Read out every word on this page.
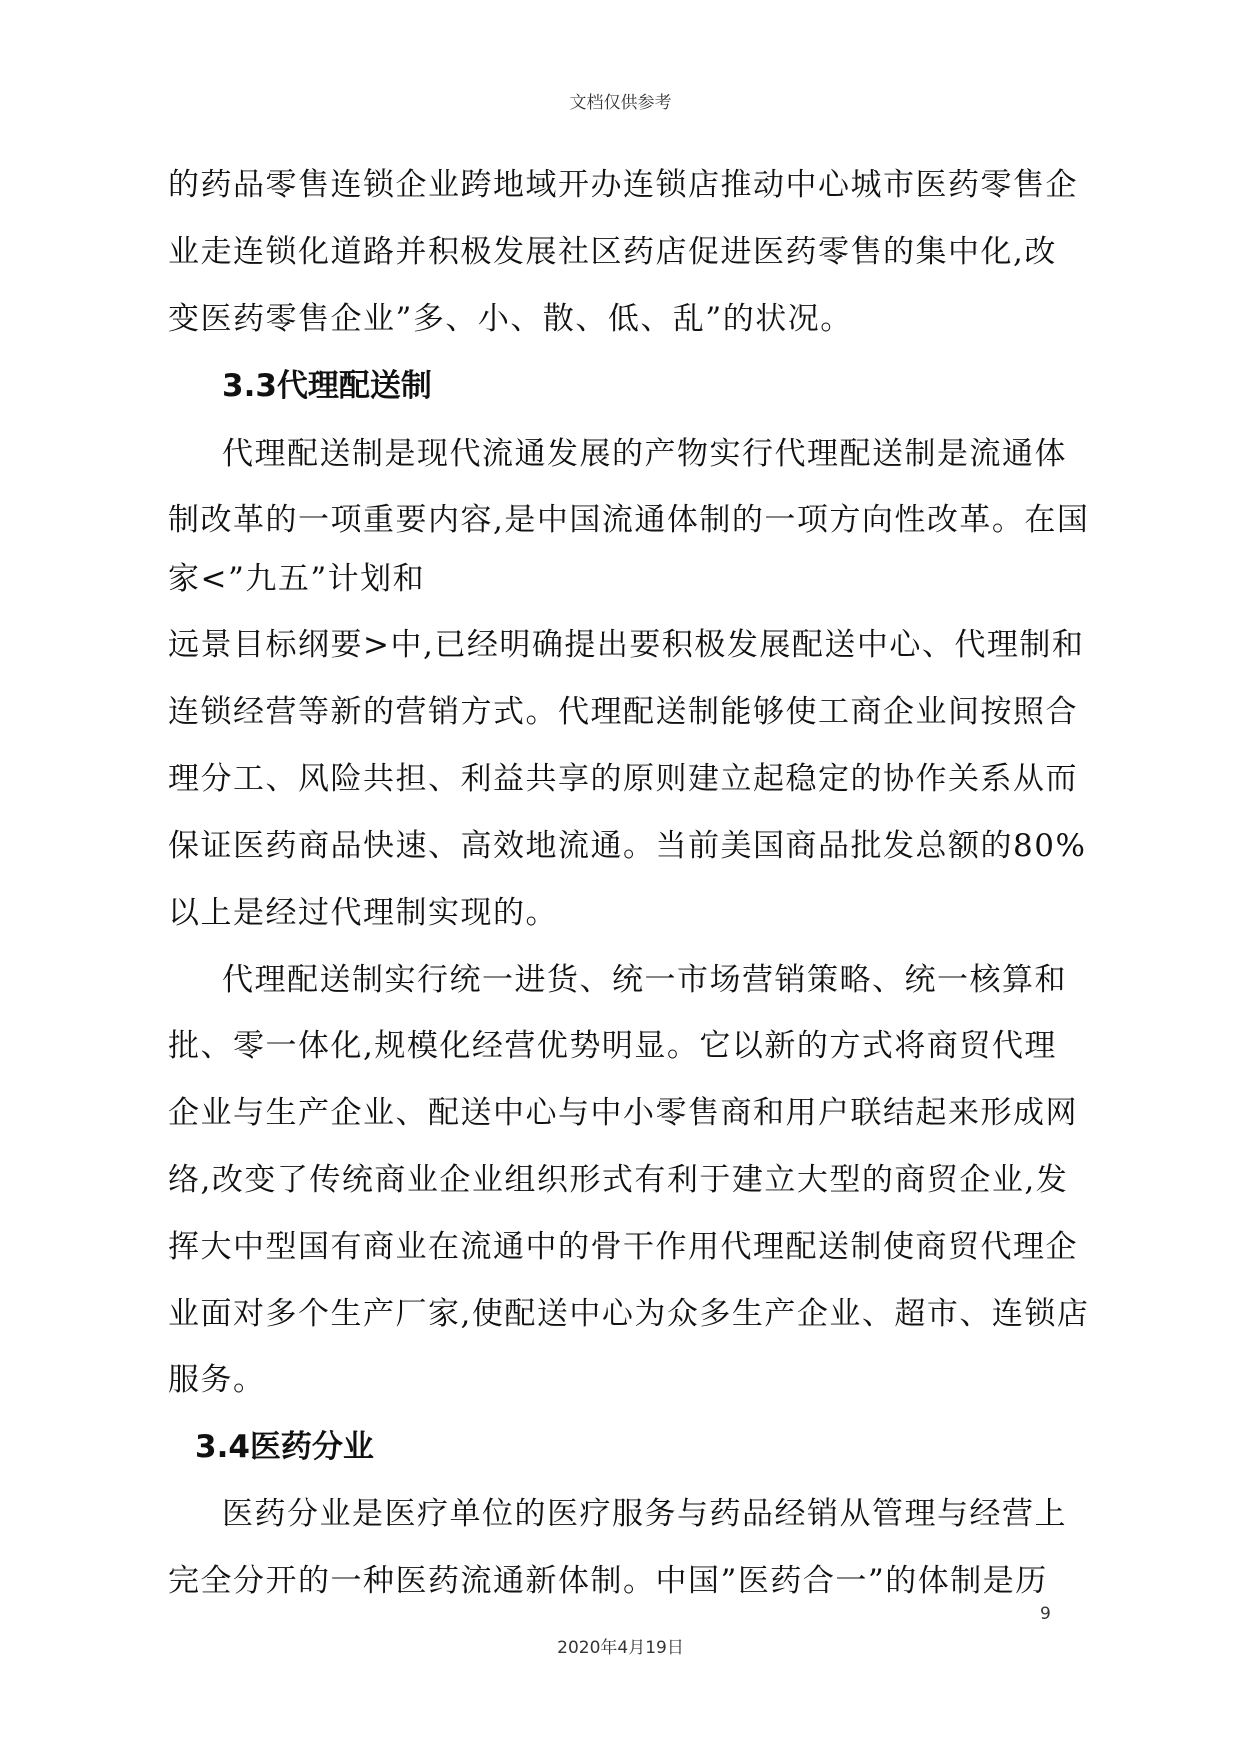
文档仅供参考
的药品零售连锁企业跨地域开办连锁店推动中心城市医药零售企
业走连锁化道路并积极发展社区药店促进医药零售的集中化,改
变医药零售企业”多、小、散、低、乱”的状况。
3.3代理配送制
代理配送制是现代流通发展的产物实行代理配送制是流通体
制改革的一项重要内容,是中国流通体制的一项方向性改革。在国
家<”九五”计划和
远景目标纲要>中,已经明确提出要积极发展配送中心、代理制和
连锁经营等新的营销方式。代理配送制能够使工商企业间按照合
理分工、风险共担、利益共享的原则建立起稳定的协作关系从而
保证医药商品快速、高效地流通。当前美国商品批发总额的80%
以上是经过代理制实现的。
代理配送制实行统一进货、统一市场营销策略、统一核算和
批、零一体化,规模化经营优势明显。它以新的方式将商贸代理
企业与生产企业、配送中心与中小零售商和用户联结起来形成网
络,改变了传统商业企业组织形式有利于建立大型的商贸企业,发
挥大中型国有商业在流通中的骨干作用代理配送制使商贸代理企
业面对多个生产厂家,使配送中心为众多生产企业、超市、连锁店
服务。
3.4医药分业
医药分业是医疗单位的医疗服务与药品经销从管理与经营上
完全分开的一种医药流通新体制。中国”医药合一”的体制是历
9
2020年4月19日
